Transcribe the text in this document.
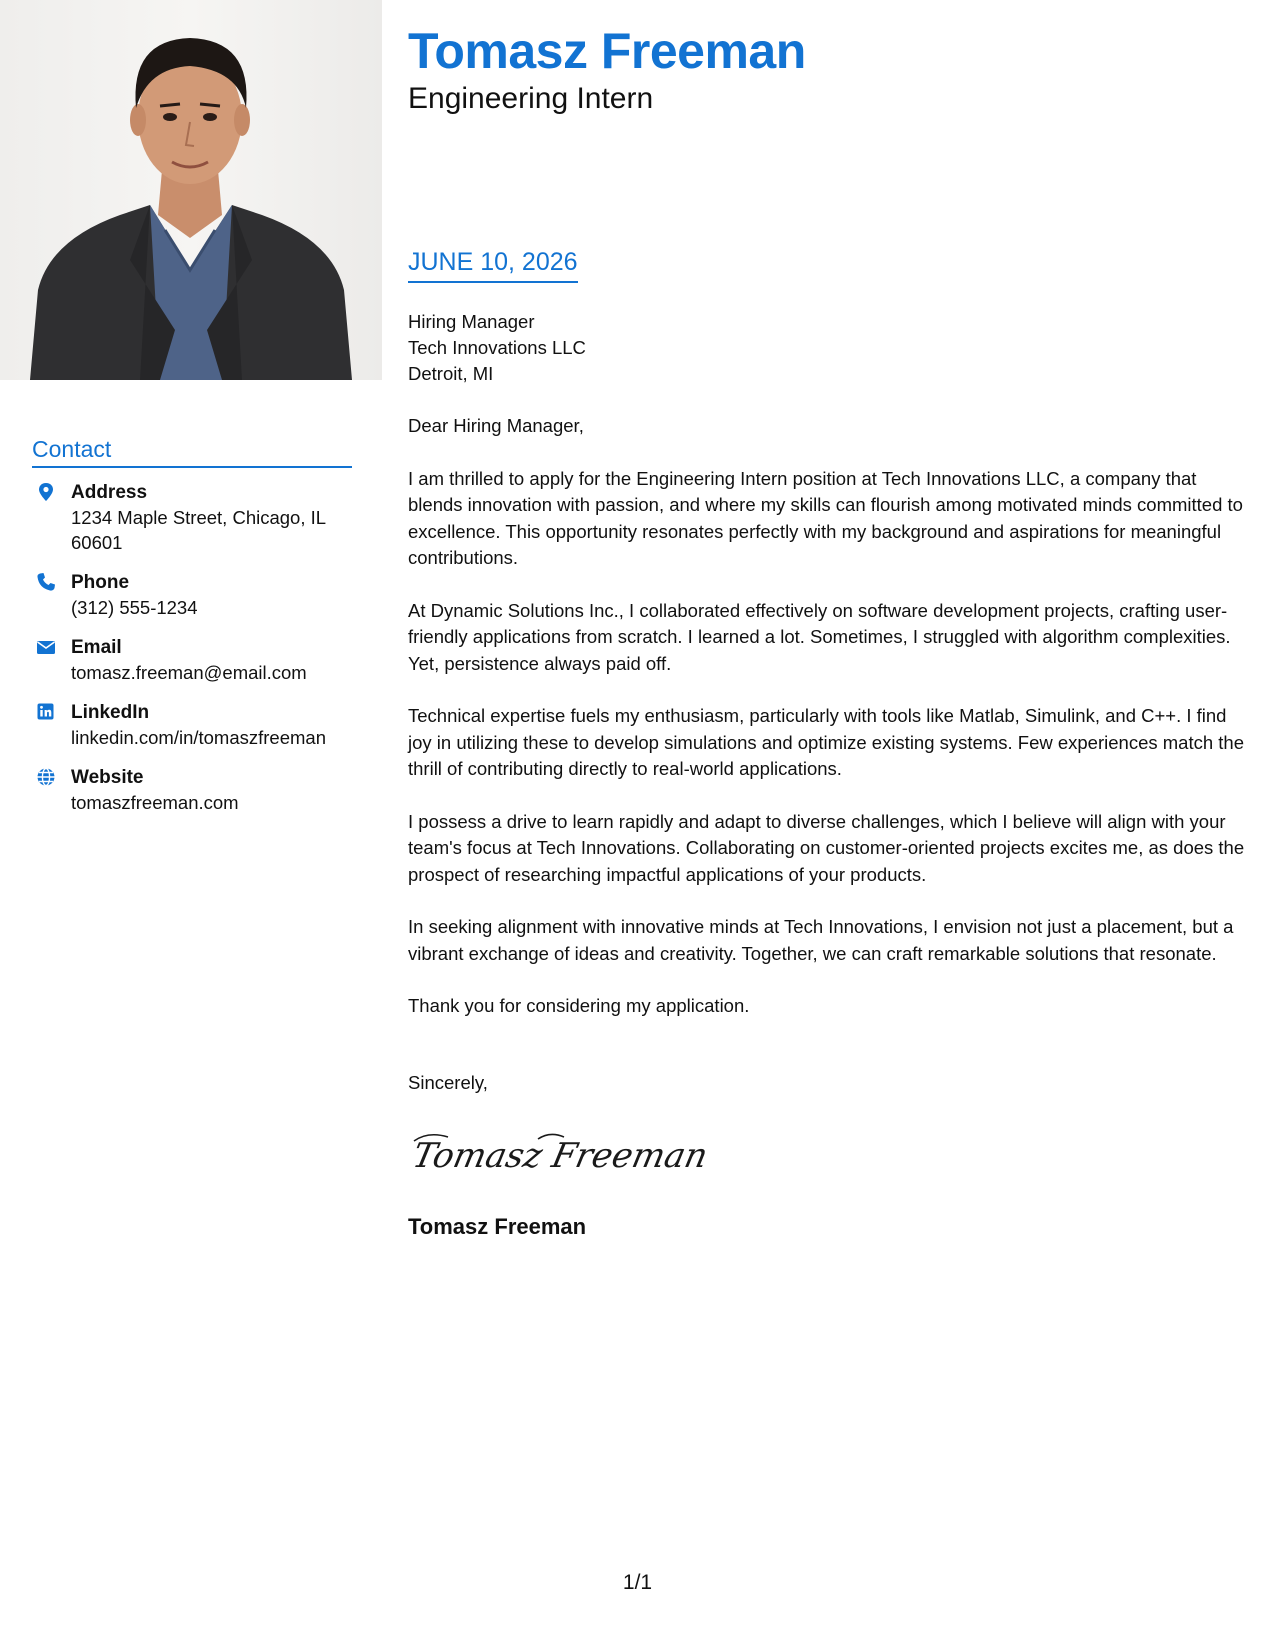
Contact
Address
1234 Maple Street, Chicago, IL 60601
Phone
(312) 555-1234
Email
tomasz.freeman@email.com
LinkedIn
linkedin.com/in/tomaszfreeman
Website
tomaszfreeman.com
Tomasz Freeman
Engineering Intern
JUNE 10, 2026
Hiring Manager
Tech Innovations LLC
Detroit, MI

Dear Hiring Manager,

I am thrilled to apply for the Engineering Intern position at Tech Innovations LLC, a company that blends innovation with passion, and where my skills can flourish among motivated minds committed to excellence. This opportunity resonates perfectly with my background and aspirations for meaningful contributions.

At Dynamic Solutions Inc., I collaborated effectively on software development projects, crafting user-friendly applications from scratch. I learned a lot. Sometimes, I struggled with algorithm complexities. Yet, persistence always paid off.

Technical expertise fuels my enthusiasm, particularly with tools like Matlab, Simulink, and C++. I find joy in utilizing these to develop simulations and optimize existing systems. Few experiences match the thrill of contributing directly to real-world applications.

I possess a drive to learn rapidly and adapt to diverse challenges, which I believe will align with your team's focus at Tech Innovations. Collaborating on customer-oriented projects excites me, as does the prospect of researching impactful applications of your products.

In seeking alignment with innovative minds at Tech Innovations, I envision not just a placement, but a vibrant exchange of ideas and creativity. Together, we can craft remarkable solutions that resonate.

Thank you for considering my application.

Sincerely,
Tomasz Freeman
Tomasz Freeman
1/1
